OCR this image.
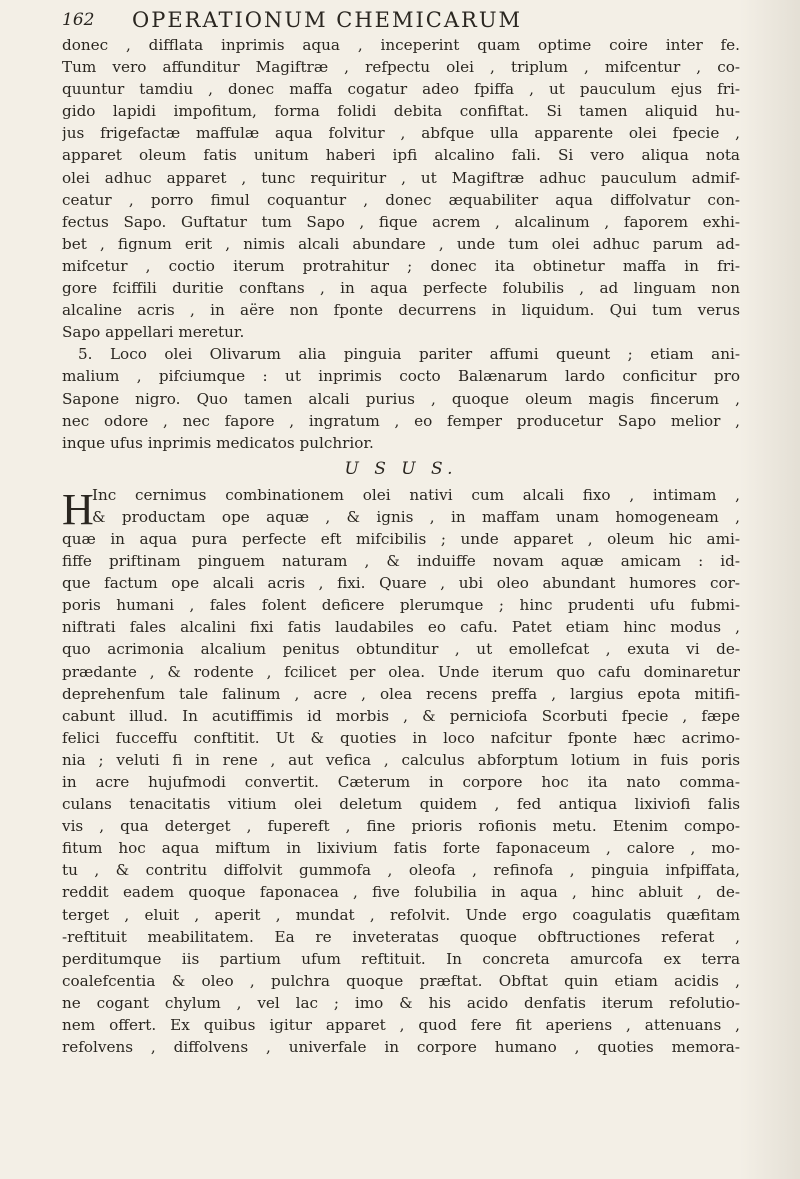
162 OPERATIONUM CHEMICARUM
donec , difflata inprimis aqua , inceperint quam optime coire inter fe.
Tum vero affunditur Magiftræ , refpectu olei , triplum , mifcentur , co-
quuntur tamdiu , donec maffa cogatur adeo fpiffa , ut pauculum ejus fri-
gido lapidi impofitum, forma folidi debita confiftat. Si tamen aliquid hu-
jus frigefactæ maffulæ aqua folvitur , abfque ulla apparente olei fpecie ,
apparet oleum fatis unitum haberi ipfi alcalino fali. Si vero aliqua nota
olei adhuc apparet , tunc requiritur , ut Magiftræ adhuc pauculum admif-
ceatur , porro fimul coquantur , donec æquabiliter aqua diffolvatur con-
fectus Sapo. Guftatur tum Sapo , fique acrem , alcalinum , faporem exhi-
bet , fignum erit , nimis alcali abundare , unde tum olei adhuc parum ad-
mifcetur , coctio iterum protrahitur ; donec ita obtinetur maffa in fri-
gore fciffili duritie conftans , in aqua perfecte folubilis , ad linguam non
alcaline acris , in aëre non fponte decurrens in liquidum. Qui tum verus
Sapo appellari meretur.
5. Loco olei Olivarum alia pinguia pariter affumi queunt ; etiam ani-
malium , pifciumque : ut inprimis cocto Balænarum lardo conficitur pro
Sapone nigro. Quo tamen alcali purius , quoque oleum magis fincerum ,
nec odore , nec fapore , ingratum , eo femper producetur Sapo melior ,
inque ufus inprimis medicatos pulchrior.
U S U S.
H
Inc cernimus combinationem olei nativi cum alcali fixo , intimam ,
& productam ope aquæ , & ignis , in maffam unam homogeneam ,
quæ in aqua pura perfecte eft mifcibilis ; unde apparet , oleum hic ami-
fiffe priftinam pinguem naturam , & induiffe novam aquæ amicam : id-
que factum ope alcali acris , fixi. Quare , ubi oleo abundant humores cor-
poris humani , fales folent deficere plerumque ; hinc prudenti ufu fubmi-
niftrati fales alcalini fixi fatis laudabiles eo cafu. Patet etiam hinc modus ,
quo acrimonia alcalium penitus obtunditur , ut emollefcat , exuta vi de-
prædante , & rodente , fcilicet per olea. Unde iterum quo cafu dominaretur
deprehenfum tale falinum , acre , olea recens preffa , largius epota mitifi-
cabunt illud. In acutiffimis id morbis , & perniciofa Scorbuti fpecie , fæpe
felici fucceffu conftitit. Ut & quoties in loco nafcitur fponte hæc acrimo-
nia ; veluti fi in rene , aut vefica , calculus abforptum lotium in fuis poris
in acre hujufmodi convertit. Cæterum in corpore hoc ita nato comma-
culans tenacitatis vitium olei deletum quidem , fed antiqua lixiviofi falis
vis , qua deterget , fupereft , fine prioris rofionis metu. Etenim compo-
fitum hoc aqua miftum in lixivium fatis forte faponaceum , calore , mo-
tu , & contritu diffolvit gummofa , oleofa , refinofa , pinguia infpiffata,
reddit eadem quoque faponacea , five folubilia in aqua , hinc abluit , de-
terget , eluit , aperit , mundat , refolvit. Unde ergo coagulatis quæfitam
-reftituit meabilitatem. Ea re inveteratas quoque obftructiones referat ,
perditumque iis partium ufum reftituit. In concreta amurcofa ex terra
coalefcentia & oleo , pulchra quoque præftat. Obftat quin etiam acidis ,
ne cogant chylum , vel lac ; imo & his acido denfatis iterum refolutio-
nem offert. Ex quibus igitur apparet , quod fere fit aperiens , attenuans ,
refolvens , diffolvens , univerfale in corpore humano , quoties memora-
